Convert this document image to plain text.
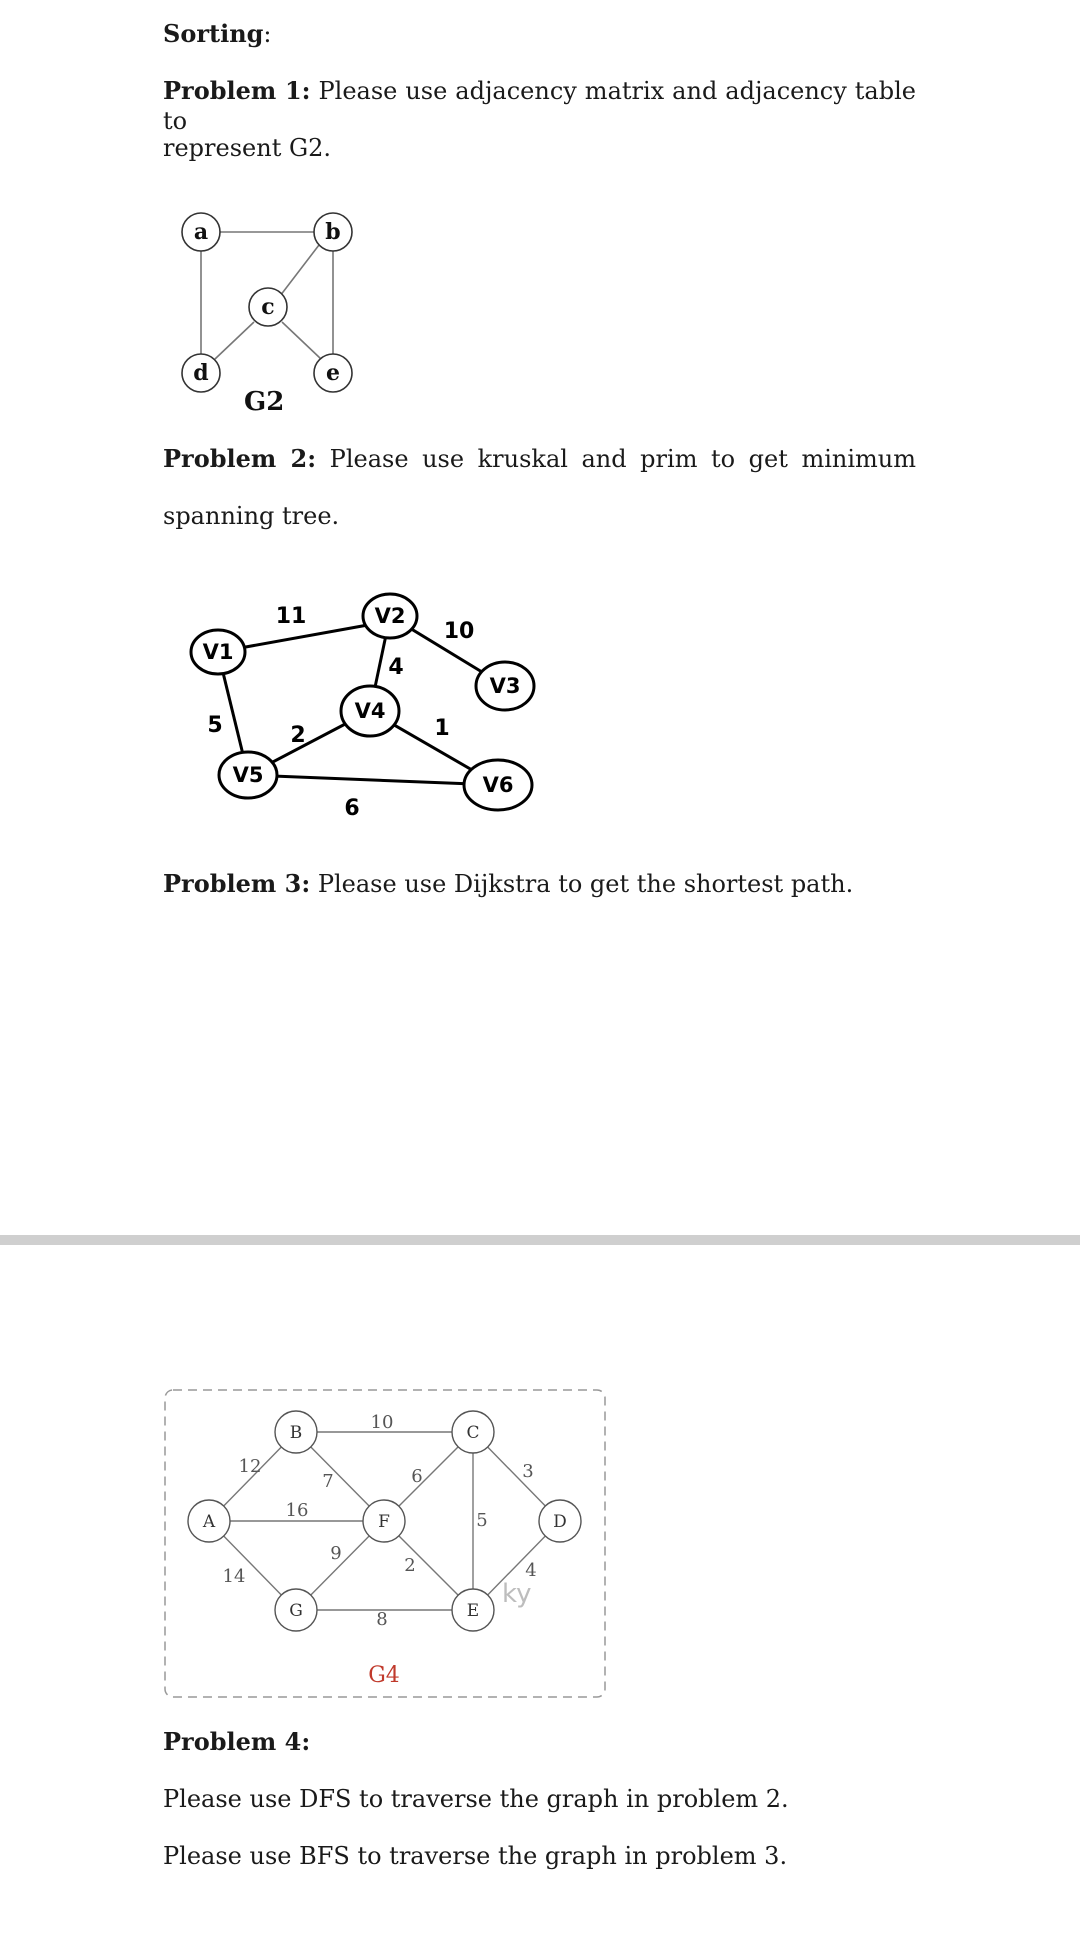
Sorting:
Problem 1: Please use adjacency matrix and adjacency table to
represent G2.
a	b
c
d	e
G2
Problem 2: Please use kruskal and prim to get minimum
spanning tree.
V1
V2
V3
V4
V5	V6
11
10
4
1
5	2
6
Problem 3: Please use Dijkstra to get the shortest path.
A
B	C
D
E
F
G
10
12
7	6	3
16	5
9
2	4
14
8
ky
G4
Problem 4:
Please use DFS to traverse the graph in problem 2.
Please use BFS to traverse the graph in problem 3.
